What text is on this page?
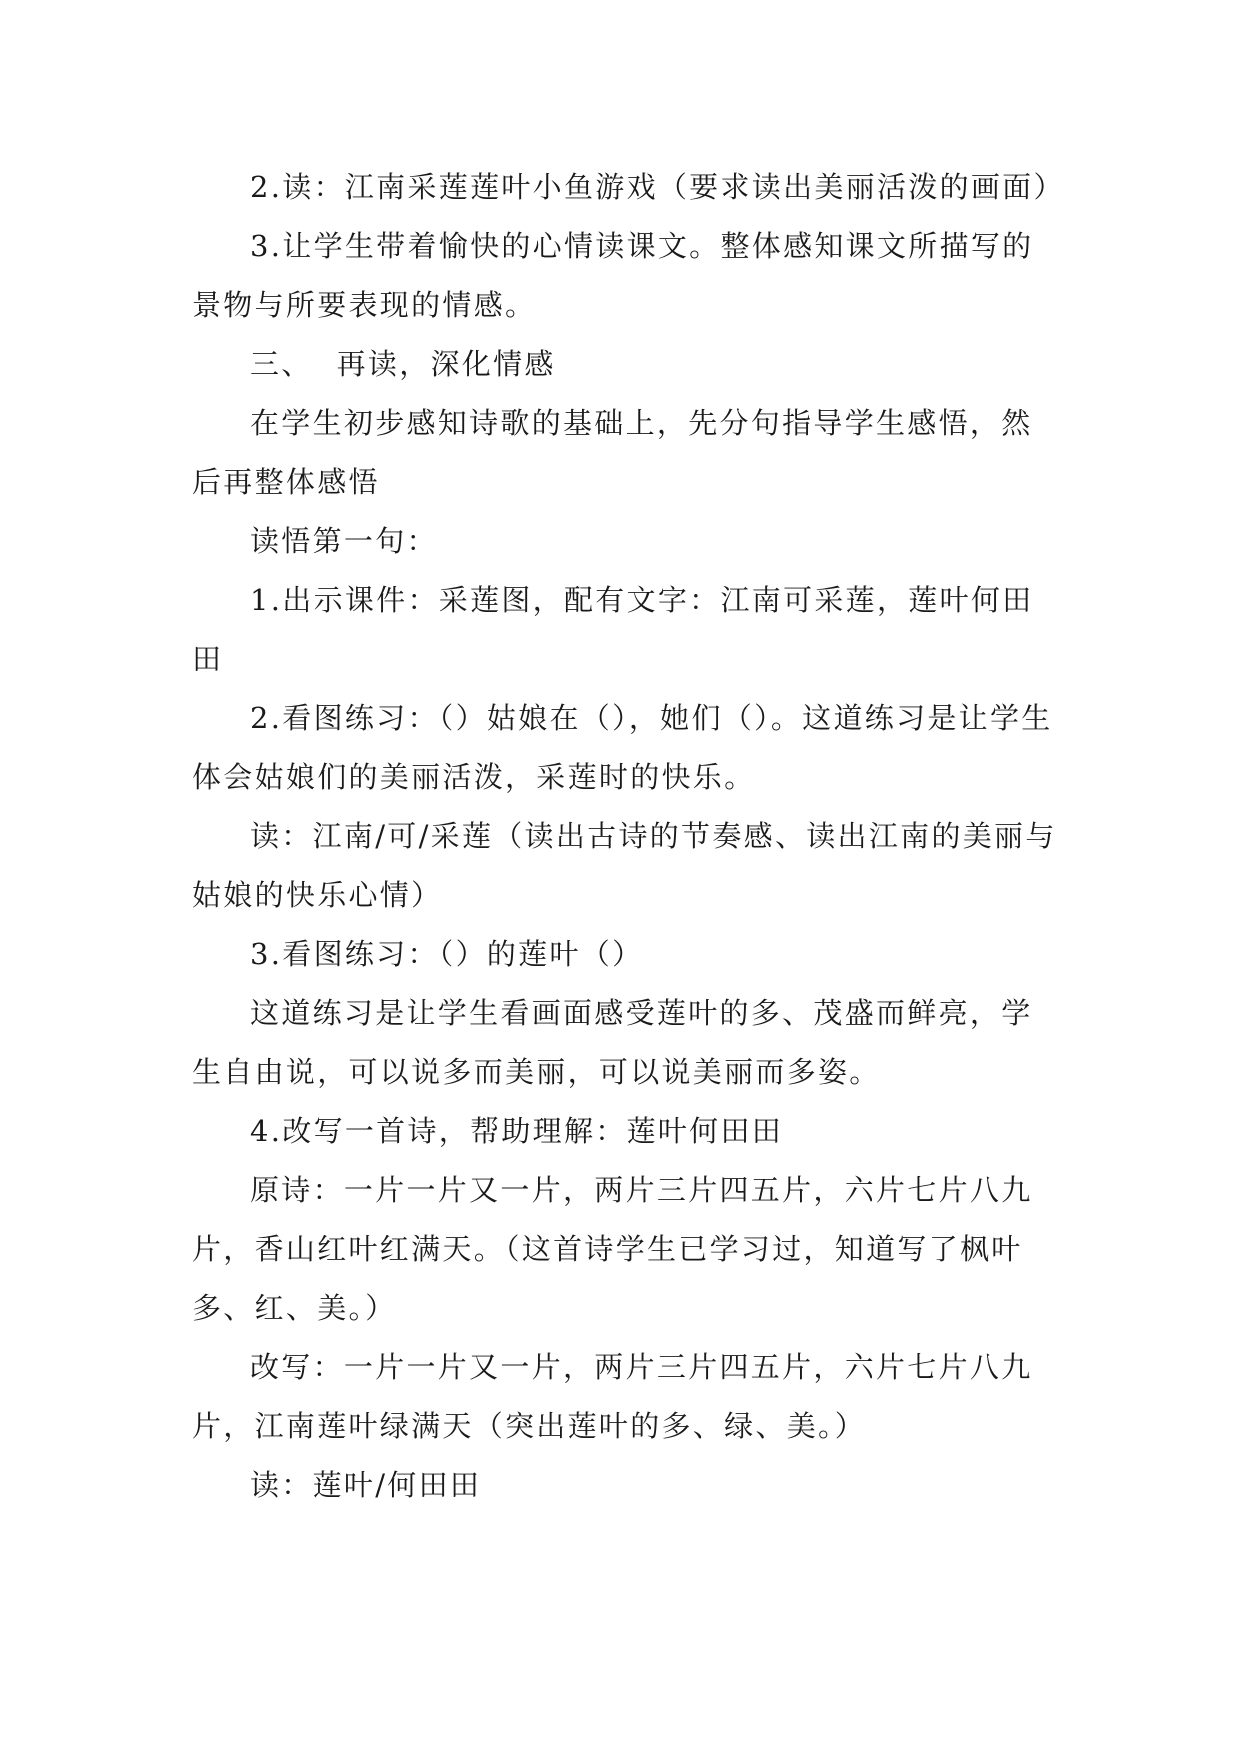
2.读：江南采莲莲叶小鱼游戏（要求读出美丽活泼的画面）

3.让学生带着愉快的心情读课文。整体感知课文所描写的景物与所要表现的情感。

三、 再读，深化情感

在学生初步感知诗歌的基础上，先分句指导学生感悟，然后再整体感悟

读悟第一句：

1.出示课件：采莲图，配有文字：江南可采莲，莲叶何田田

2.看图练习：（）姑娘在（），她们（）。这道练习是让学生体会姑娘们的美丽活泼，采莲时的快乐。

读：江南/可/采莲（读出古诗的节奏感、读出江南的美丽与姑娘的快乐心情）

3.看图练习：（）的莲叶（）

这道练习是让学生看画面感受莲叶的多、茂盛而鲜亮，学生自由说，可以说多而美丽，可以说美丽而多姿。

4.改写一首诗，帮助理解：莲叶何田田

原诗：一片一片又一片，两片三片四五片，六片七片八九片，香山红叶红满天。（这首诗学生已学习过，知道写了枫叶多、红、美。）

改写：一片一片又一片，两片三片四五片，六片七片八九片，江南莲叶绿满天（突出莲叶的多、绿、美。）

读：莲叶/何田田
